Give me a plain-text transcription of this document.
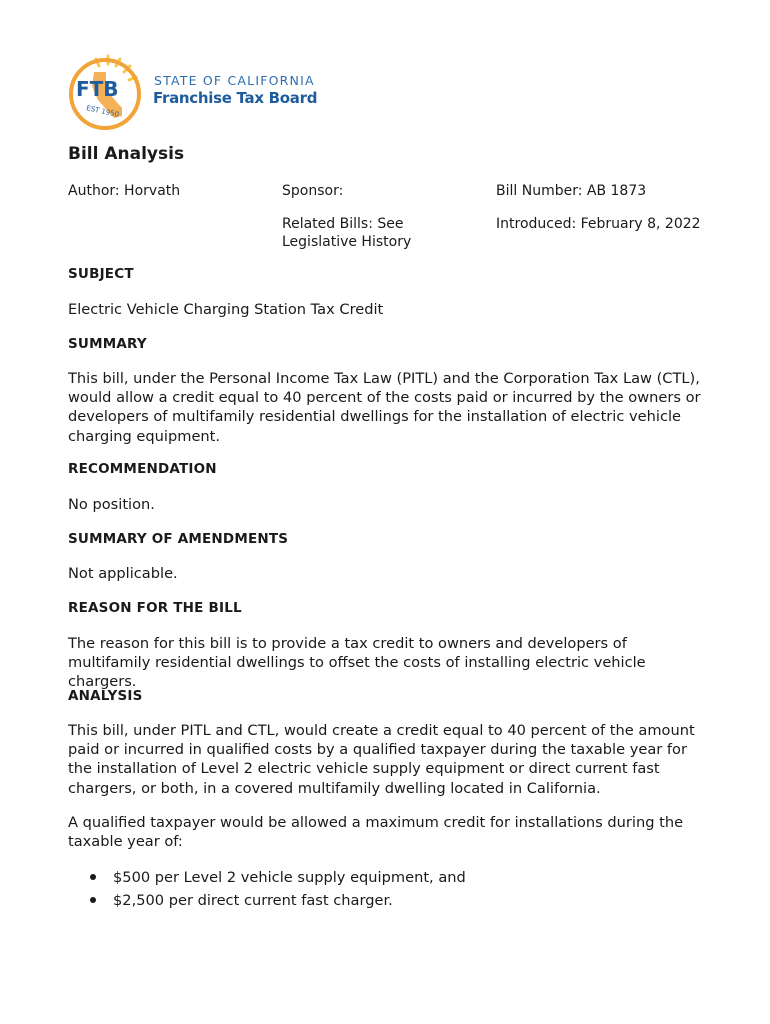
FTB
EST 1950
STATE OF CALIFORNIA
Franchise Tax Board
Bill Analysis
Author: Horvath	Sponsor:	Bill Number: AB 1873
Related Bills: See Legislative History
Introduced: February 8, 2022
SUBJECT

Electric Vehicle Charging Station Tax Credit

SUMMARY

This bill, under the Personal Income Tax Law (PITL) and the Corporation Tax Law (CTL), would allow a credit equal to 40 percent of the costs paid or incurred by the owners or developers of multifamily residential dwellings for the installation of electric vehicle charging equipment.

RECOMMENDATION

No position.

SUMMARY OF AMENDMENTS

Not applicable.

REASON FOR THE BILL

The reason for this bill is to provide a tax credit to owners and developers of multifamily residential dwellings to offset the costs of installing electric vehicle chargers.

ANALYSIS

This bill, under PITL and CTL, would create a credit equal to 40 percent of the amount paid or incurred in qualified costs by a qualified taxpayer during the taxable year for the installation of Level 2 electric vehicle supply equipment or direct current fast chargers, or both, in a covered multifamily dwelling located in California.

A qualified taxpayer would be allowed a maximum credit for installations during the taxable year of:

$500 per Level 2 vehicle supply equipment, and
$2,500 per direct current fast charger.
